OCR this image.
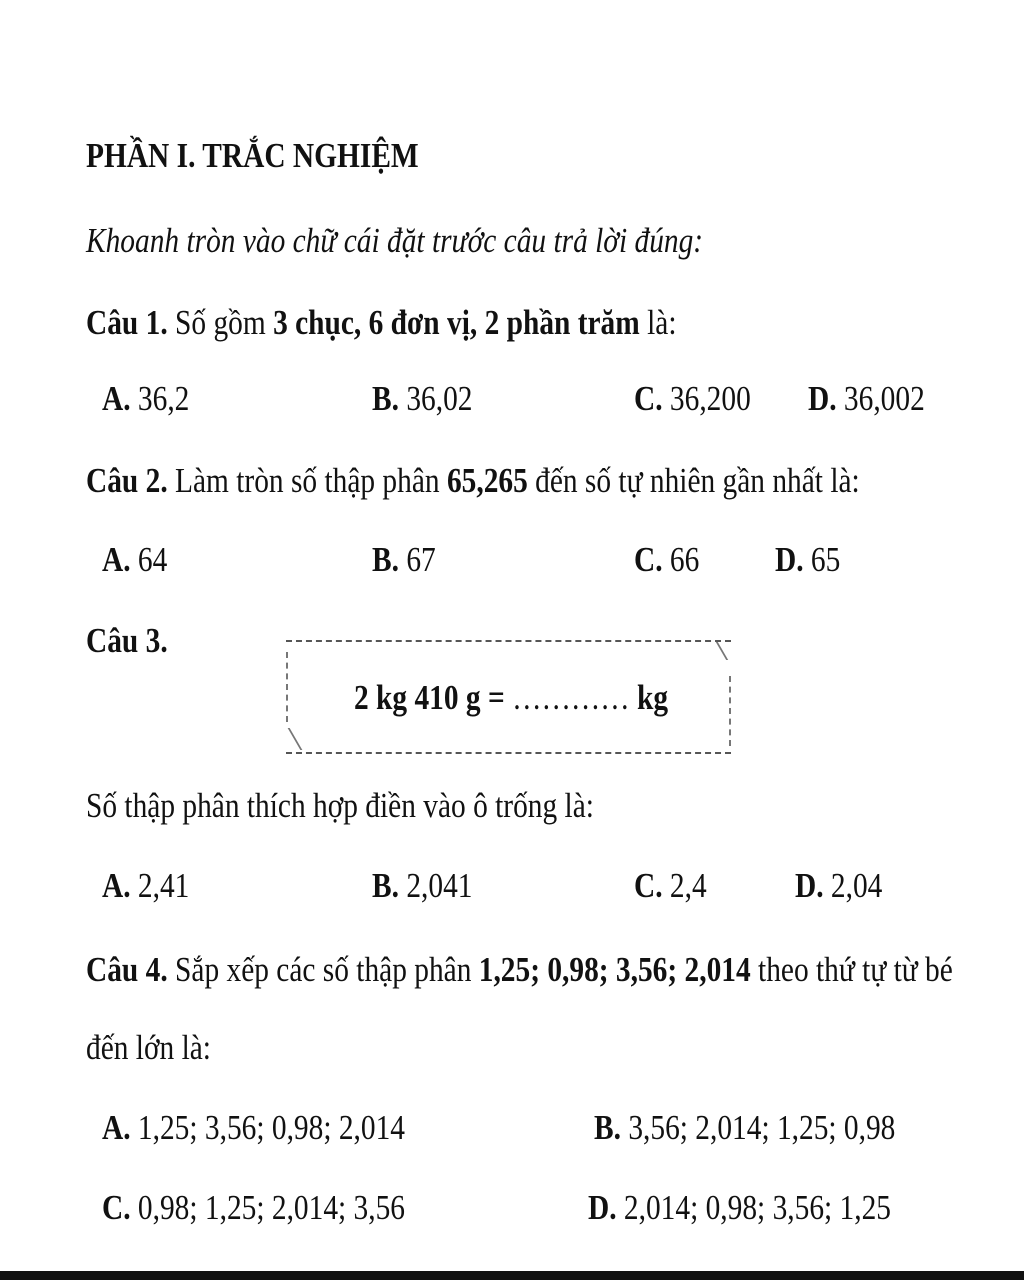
PHẦN I. TRẮC NGHIỆM
Khoanh tròn vào chữ cái đặt trước câu trả lời đúng:
Câu 1. Số gồm 3 chục, 6 đơn vị, 2 phần trăm là:
A. 36,2	B. 36,02	C. 36,200 D. 36,002
Câu 2. Làm tròn số thập phân 65,265 đến số tự nhiên gần nhất là:
A. 64	B. 67	C. 66 D. 65
Câu 3.
2 kg 410 g = ………… kg
Số thập phân thích hợp điền vào ô trống là:
A. 2,41	B. 2,041	C. 2,4	D. 2,04
Câu 4. Sắp xếp các số thập phân 1,25; 0,98; 3,56; 2,014 theo thứ tự từ bé
đến lớn là:
A. 1,25; 3,56; 0,98; 2,014	B. 3,56; 2,014; 1,25; 0,98
C. 0,98; 1,25; 2,014; 3,56	D. 2,014; 0,98; 3,56; 1,25
